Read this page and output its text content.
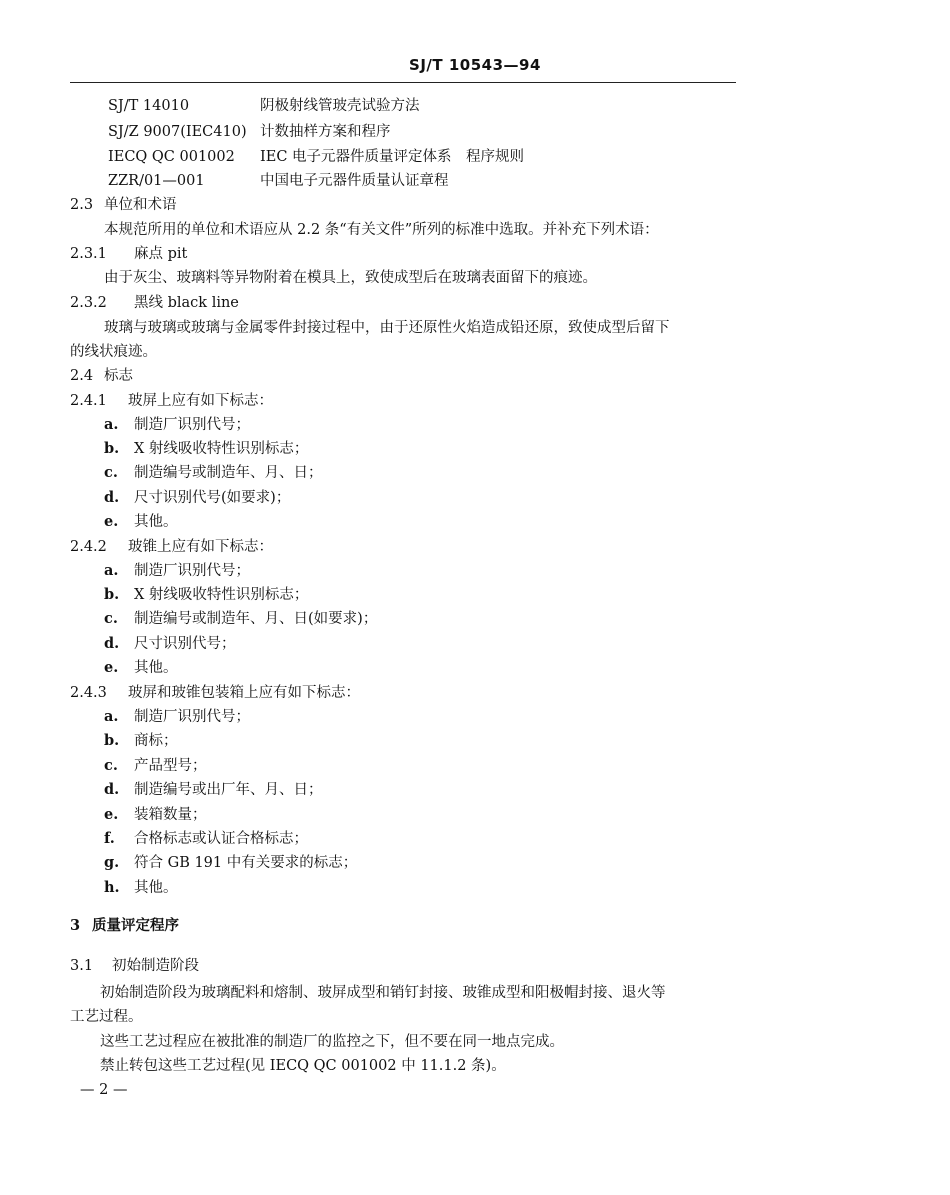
SJ/T 10543—94
SJ/T 14010	阴极射线管玻壳试验方法
SJ/Z 9007(IEC410) 计数抽样方案和程序
IECQ QC 001002 IEC 电子元器件质量评定体系 程序规则
ZZR/01—001	中国电子元器件质量认证章程
2.3 单位和术语
本规范所用的单位和术语应从 2.2 条“有关文件”所列的标准中选取。并补充下列术语：
2.3.1 麻点 pit
由于灰尘、玻璃料等异物附着在模具上，致使成型后在玻璃表面留下的痕迹。
2.3.2 黑线 black line
玻璃与玻璃或玻璃与金属零件封接过程中，由于还原性火焰造成铅还原，致使成型后留下
的线状痕迹。
2.4 标志
2.4.1 玻屏上应有如下标志：
a. 制造厂识别代号；
b. X 射线吸收特性识别标志；
c. 制造编号或制造年、月、日；
d. 尺寸识别代号(如要求)；
e. 其他。
2.4.2 玻锥上应有如下标志：
a. 制造厂识别代号；
b. X 射线吸收特性识别标志；
c. 制造编号或制造年、月、日(如要求)；
d. 尺寸识别代号；
e. 其他。
2.4.3 玻屏和玻锥包装箱上应有如下标志：
a. 制造厂识别代号；
b. 商标；
c. 产品型号；
d. 制造编号或出厂年、月、日；
e. 装箱数量；
f. 合格标志或认证合格标志；
g. 符合 GB 191 中有关要求的标志；
h. 其他。
3 质量评定程序
3.1 初始制造阶段
初始制造阶段为玻璃配料和熔制、玻屏成型和销钉封接、玻锥成型和阳极帽封接、退火等
工艺过程。
这些工艺过程应在被批准的制造厂的监控之下，但不要在同一地点完成。
禁止转包这些工艺过程(见 IECQ QC 001002 中 11.1.2 条)。
— 2 —
